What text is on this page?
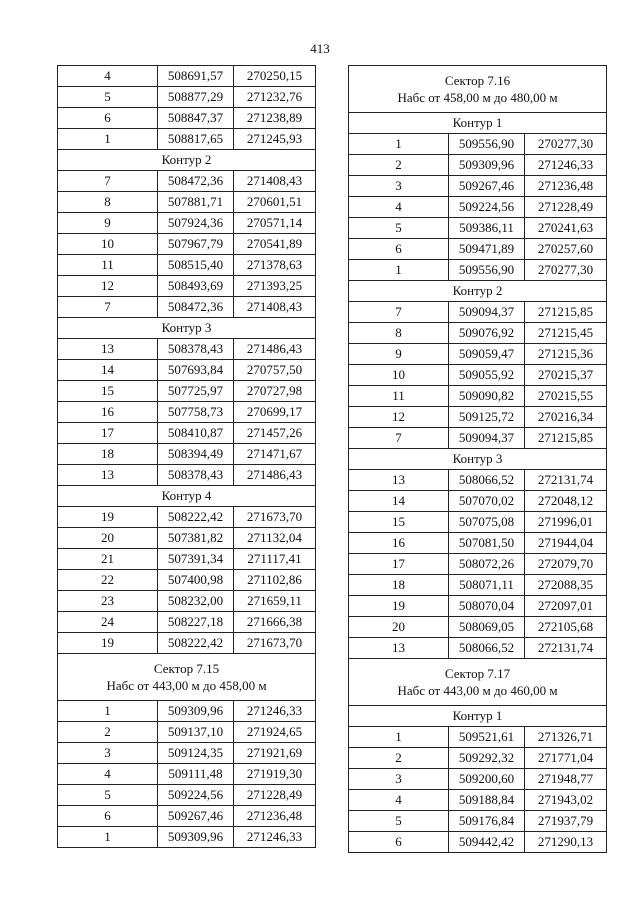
413
4	508691,57	270250,15
5	508877,29	271232,76
6	508847,37	271238,89
1	508817,65	271245,93
Контур 2		
7	508472,36	271408,43
8	507881,71	270601,51
9	507924,36	270571,14
10	507967,79	270541,89
11	508515,40	271378,63
12	508493,69	271393,25
7	508472,36	271408,43
Контур 3		
13	508378,43	271486,43
14	507693,84	270757,50
15	507725,97	270727,98
16	507758,73	270699,17
17	508410,87	271457,26
18	508394,49	271471,67
13	508378,43	271486,43
Контур 4		
19	508222,42	271673,70
20	507381,82	271132,04
21	507391,34	271117,41
22	507400,98	271102,86
23	508232,00	271659,11
24	508227,18	271666,38
19	508222,42	271673,70

Сектор 7.15
Набс от 443,00 м до 458,00 м		

1	509309,96	271246,33
2	509137,10	271924,65
3	509124,35	271921,69
4	509111,48	271919,30
5	509224,56	271228,49
6	509267,46	271236,48
1	509309,96	271246,33
Сектор 7.16
Набс от 458,00 м до 480,00 м		

Контур 1		
1	509556,90	270277,30
2	509309,96	271246,33
3	509267,46	271236,48
4	509224,56	271228,49
5	509386,11	270241,63
6	509471,89	270257,60
1	509556,90	270277,30
Контур 2		
7	509094,37	271215,85
8	509076,92	271215,45
9	509059,47	271215,36
10	509055,92	270215,37
11	509090,82	270215,55
12	509125,72	270216,34
7	509094,37	271215,85
Контур 3		
13	508066,52	272131,74
14	507070,02	272048,12
15	507075,08	271996,01
16	507081,50	271944,04
17	508072,26	272079,70
18	508071,11	272088,35
19	508070,04	272097,01
20	508069,05	272105,68
13	508066,52	272131,74

Сектор 7.17
Набс от 443,00 м до 460,00 м		

Контур 1		
1	509521,61	271326,71
2	509292,32	271771,04
3	509200,60	271948,77
4	509188,84	271943,02
5	509176,84	271937,79
6	509442,42	271290,13
